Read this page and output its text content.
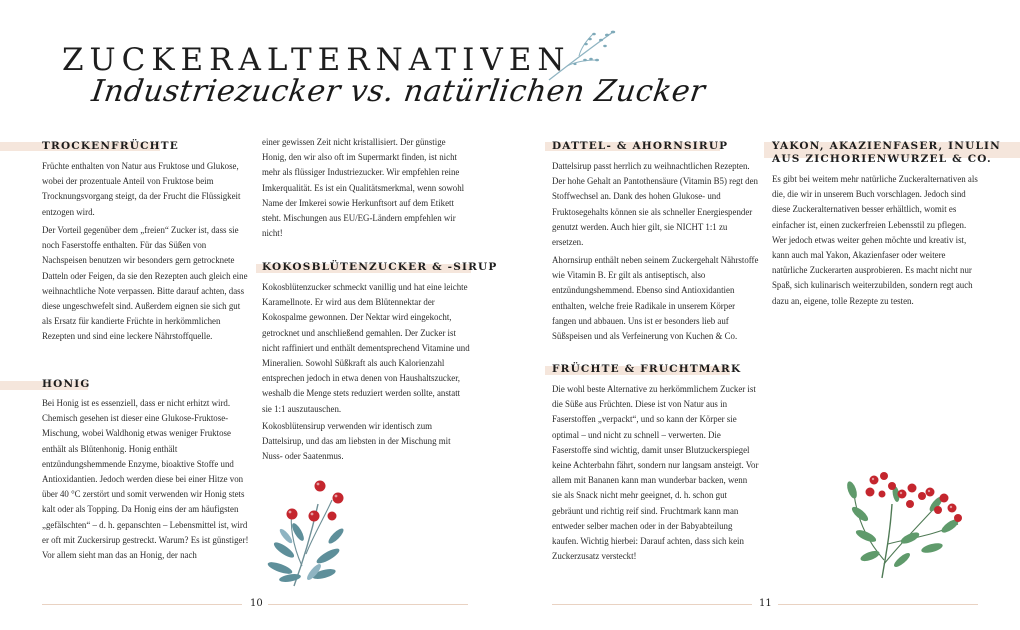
ZUCKERALTERNATIVEN
Industriezucker vs. natürlichen Zucker
TROCKENFRÜCHTE

Früchte enthalten von Natur aus Fruktose und Glukose, wobei der prozentuale Anteil von Fruktose beim Trocknungsvorgang steigt, da der Frucht die Flüssigkeit entzogen wird.

Der Vorteil gegenüber dem „freien“ Zucker ist, dass sie noch Faserstoffe enthalten. Für das Süßen von Nachspeisen benutzen wir besonders gern getrocknete Datteln oder Feigen, da sie den Rezepten auch gleich eine weihnachtliche Note verpassen. Bitte darauf achten, dass diese ungeschwefelt sind. Außerdem eignen sie sich gut als Ersatz für kandierte Früchte in herkömmlichen Rezepten und sind eine leckere Nährstoffquelle.

HONIG

Bei Honig ist es essenziell, dass er nicht erhitzt wird. Chemisch gesehen ist dieser eine Glukose-Fruktose-Mischung, wobei Waldhonig etwas weniger Fruktose enthält als Blütenhonig. Honig enthält entzündungshemmende Enzyme, bioaktive Stoffe und Antioxidantien. Jedoch werden diese bei einer Hitze von über 40 °C zerstört und somit verwenden wir Honig stets kalt oder als Topping. Da Honig eins der am häufigsten „gefälschten“ – d. h. gepanschten – Lebensmittel ist, wird er oft mit Zuckersirup gestreckt. Warum? Es ist günstiger! Vor allem sieht man das an Honig, der nach

einer gewissen Zeit nicht kristallisiert. Der günstige Honig, den wir also oft im Supermarkt finden, ist nicht mehr als flüssiger Industriezucker. Wir empfehlen reine Imkerqualität. Es ist ein Qualitätsmerkmal, wenn sowohl Name der Imkerei sowie Herkunftsort auf dem Etikett steht. Mischungen aus EU/EG-Ländern empfehlen wir nicht!

KOKOSBLÜTENZUCKER & -SIRUP

Kokosblütenzucker schmeckt vanillig und hat eine leichte Karamellnote. Er wird aus dem Blütennektar der Kokospalme gewonnen. Der Nektar wird eingekocht, getrocknet und anschließend gemahlen. Der Zucker ist nicht raffiniert und enthält dementsprechend Vitamine und Mineralien. Sowohl Süßkraft als auch Kalorienzahl entsprechen jedoch in etwa denen von Haushaltszucker, weshalb die Menge stets reduziert werden sollte, anstatt sie 1:1 auszutauschen.

Kokosblütensirup verwenden wir identisch zum Dattelsirup, und das am liebsten in der Mischung mit Nuss- oder Saatenmus.

10
DATTEL- & AHORNSIRUP

Dattelsirup passt herrlich zu weihnachtlichen Rezepten. Der hohe Gehalt an Pantothensäure (Vitamin B5) regt den Stoffwechsel an. Dank des hohen Glukose- und Fruktosegehalts können sie als schneller Energiespender genutzt werden. Auch hier gilt, sie NICHT 1:1 zu ersetzen.

Ahornsirup enthält neben seinem Zuckergehalt Nährstoffe wie Vitamin B. Er gilt als antiseptisch, also entzündungshemmend. Ebenso sind Antioxidantien enthalten, welche freie Radikale in unserem Körper fangen und abbauen. Uns ist er besonders lieb auf Süßspeisen und als Verfeinerung von Kuchen & Co.

FRÜCHTE & FRUCHTMARK

Die wohl beste Alternative zu herkömmlichem Zucker ist die Süße aus Früchten. Diese ist von Natur aus in Faserstoffen „verpackt“, und so kann der Körper sie optimal – und nicht zu schnell – verwerten. Die Faserstoffe sind wichtig, damit unser Blutzuckerspiegel keine Achterbahn fährt, sondern nur langsam ansteigt. Vor allem mit Bananen kann man wunderbar backen, wenn sie als Snack nicht mehr geeignet, d. h. schon gut gebräunt und richtig reif sind. Fruchtmark kann man entweder selber machen oder in der Babyabteilung kaufen. Wichtig hierbei: Darauf achten, dass sich kein Zuckerzusatz versteckt!

YAKON, AKAZIENFASER, INULIN
AUS ZICHORIENWURZEL & CO.

Es gibt bei weitem mehr natürliche Zuckeralternativen als die, die wir in unserem Buch vorschlagen. Jedoch sind diese Zuckeralternativen besser erhältlich, womit es einfacher ist, einen zuckerfreien Lebensstil zu pflegen. Wer jedoch etwas weiter gehen möchte und kreativ ist, kann auch mal Yakon, Akazienfaser oder weitere natürliche Zuckerarten ausprobieren. Es macht nicht nur Spaß, sich kulinarisch weiterzubilden, sondern regt auch dazu an, eigene, tolle Rezepte zu testen.

11
